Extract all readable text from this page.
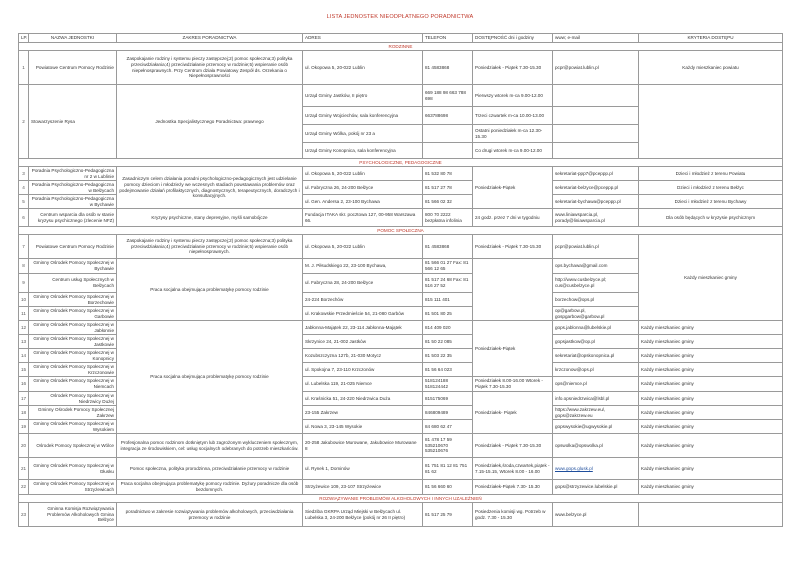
LISTA JEDNOSTEK NIEODPŁATNEGO PORADNICTWA
LP.	NAZWA JEDNOSTKI	ZAKRES PORADNICTWA	ADRES	TELEFON	DOSTĘPNOŚĆ dni i godziny	www; e-mail	KRYTERIA DOSTĘPU
RODZINNE							
1	Powiatowe Centrum Pomocy Rodzinie	Zaspokajanie rodziny i systemu pieczy zastępczej;2) pomoc społeczna;3) polityka przeciwdziałania;4) przeciwdziałanie przemocy w rodzinie;5) wspieranie osób niepełnosprawnych. Przy Centrum działa Powiatowy Zespół ds. Orzekania o Niepełnosprawności	ul. Okopowa 5, 20-022 Lublin	81 4583868	Poniedziałek - Piątek 7.30-15.30	pcpr@powiat.lublin.pl	Każdy mieszkaniec powiatu
2	Stowarzyszenie Rysa	Jednostka Specjalistycznego Poradnictwa: prawnego	Urząd Gminy Jastków, II piętro	669 188 98 663 788 698	Pierwszy wtorek m-ca 9.00-12.00		
			Urząd Gminy Wojciechów, sala konferencyjna	663788698	Trzeci czwartek m-ca 10.00-13.00		
			Urząd Gminy Wólka, pokój nr 23 a		Ostatni poniedziałek m-ca 12.30-15.30		
			Urząd Gminy Konopnica, sala konferencyjna		Co drugi wtorek m-ca 9.00-12.00		
PSYCHOLOGICZNE, PEDAGOGICZNE							
3	Poradnia Psychologiczno-Pedagogiczna nr 2 w Lublinie	Zasadniczym celem działania poradni psychologiczno-pedagogicznych jest udzielanie pomocy dzieciom i młodzieży we wczesnych stadiach powstawania problemów oraz podejmowanie działań profilaktycznych, diagnostycznych, terapeutycznych, doradczych i konsultacyjnych.	ul. Okopowa 5, 20-022 Lublin	81 532 80 78	Poniedziałek-Piątek	sekretariat-ppp7@pceppp.pl	Dzieci i młodzież z terenu Powiatu
4	Poradnia Psychologiczno-Pedagogiczna w Bełżycach		ul. Fabryczna 26, 24-200 Bełżyce	81 517 27 78		sekretariat-belzyce@pceppp.pl	Dzieci i młodzież z terenu Bełżyc
5	Poradnia Psychologiczno-Pedagogiczna w Bychawie		ul. Gen. Andersa 2, 23-100 Bychawa	81 566 02 32		sekretariat-bychawa@pceppp.pl	Dzieci i młodzież z terenu Bychawy
6	Centrum wsparcia dla osób w stanie kryzysu psychicznego (zlecenie NFZ)	Kryzysy psychiczne, stany depresyjne, myśli samobójcze	Fundacja ITAKA skr. pocztowa 127, 00-958 Warszawa 66.	800 70 2222 bezpłatna infolinia	24 godz. przez 7 dni w tygodniu	www.liniawsparcia.pl, porady@liniawsparcia.pl	Dla osób będących w kryzysie psychicznym
POMOC SPOŁECZNA							
7	Powiatowe Centrum Pomocy Rodzinie	Zaspokajanie rodziny i systemu pieczy zastępczej;2) pomoc społeczna;3) polityka przeciwdziałania;4) przeciwdziałanie przemocy w rodzinie;5) wspieranie osób niepełnosprawnych.	ul. Okopowa 5, 20-022 Lublin	81 4583868	Poniedziałek - Piątek 7.30-15.30	pcpr@powiat.lublin.pl	Każdy mieszkaniec gminy
8	Gminny Ośrodek Pomocy Społecznej w Bychawie	Praca socjalna obejmująca problematykę pomocy rodzinie	M. J. Piłsudskiego 22, 23-100 Bychawa,	81 566 01 27 Fax: 81 566 12 65		ops.bychawa@gmail.com	
9	Centrum usług Społecznych w Bełżycach		ul. Fabryczna 28, 24-200 Bełżyce	81 517 24 68 Fax: 81 516 27 52		http://www.cusbelzyce.pl; cus@cusbelzyce.pl	
10	Gminny Ośrodek Pomocy Społecznej w Borzechowie		24-224 Borzechów	815 111 401		borzechow@ops.pl	
11	Gminny Ośrodek Pomocy Społecznej w Garbowie		ul. Krakowskie Przedmieście 54, 21-080 Garbów	81 501 80 25		op@garbow.pl, gospgarbow@garbow.pl	
12	Gminny Ośrodek Pomocy Społecznej w Jabłonnie	Praca socjalna obejmująca problematykę pomocy rodzinie	Jabłonna-Majątek 22, 23-114 Jabłonna-Majątek	814 409 020	Poniedziałek-Piątek	gops.jablonna@lubelskie.pl	Każdy mieszkaniec gminy
13	Gminny Ośrodek Pomocy Społecznej w Jastkowie		Skrzynice 24, 21-002 Jastków	81 50 22 085		gopsjastkow@op.pl	Każdy mieszkaniec gminy
14	Gminny Ośrodek Pomocy Społecznej w Konopnicy		Kozubszczyzna 127b, 21-030 Motycz	81 503 22 35		sekretariat@opskonopnica.pl	Każdy mieszkaniec gminy
15	Gminny Ośrodek Pomocy Społecznej w Krzczonowie		ul. Spokojna 7, 23-110 Krzczonów	81 56 64 023		krzczonow@ops.pl	Każdy mieszkaniec gminy
16	Gminny Ośrodek Pomocy Społecznej w Niemcach		ul. Lubelska 119, 21-025 Niemce	518124188 518124442	Poniedziałek 8.00-16.00 Wtorek - Piątek 7.30-15.30	ops@niemce.pl	Każdy mieszkaniec gminy
17	Ośrodek Pomocy Społecznej w Niedrzwicy Dużej		ul. Kraśnicka 51, 24-220 Niedrzwica Duża	815175069	Poniedziałek- Piątek	info.opsniedrzwica@lsbl.pl	Każdy mieszkaniec gminy
18	Gminny Ośrodek Pomocy Społecznej Zakrzew		23-155 Zakrzew	846809489		https://www.zakrzew.eu/, gops@zakrzew.eu	Każdy mieszkaniec gminy
19	Gminny Ośrodek Pomocy Społecznej w Wysokiem		ul. Nowa 3, 23-145 Wysokie	84 680 62 47		gopswysokie@ugwysokie.pl	Każdy mieszkaniec gminy
20	Ośrodek Pomocy Społecznej w Wólce	Profesjonalna pomoc rodzinom dotkniętym lub zagrożonym wykluczeniem społecznym, integracja ze środowiskiem, cel: usług socjalnych odebranych do potrzeb mieszkańców.	20-258 Jakubowice Murowane, Jakubowice Murowane 8	81 478 17 59 535210670 535210676	Poniedziałek - Piątek 7.30-15.30	opswolka@opswolka.pl	Każdy mieszkaniec gminy
21	Gminny Ośrodek Pomocy Społecznej w Głusku	Pomoc społeczna, polityka prorodzinna, przeciwdziałanie przemocy w rodzinie	ul. Rynek 1, Dominów	81 751 81 12 81 751 81 62	Poniedziałek,środa,czwartek,piątek - 7.15-15.15, Wtorek 8.00 - 16.00	www.gops.glusk.pl	Każdy mieszkaniec gminy
22	Gminny Ośrodek Pomocy Społecznej w Strzyżewicach	Praca socjalna obejmująca problematykę pomocy rodzinie. Dyżury poradnicze dla osób bezdomnych.	Strzyżewice 109, 23-107 Strzyżewice	81 56 660 60	Poniedziałek-Piątek 7.30- 15.30	gops@strzyzewice.lubelskie.pl	Każdy mieszkaniec gminy
ROZWIĄZYWANIE PROBLEMÓW ALKOHOLOWYCH I INNYCH UZALEŻNIEŃ							
23	Gminna Komisja Rozwiązywania Problemów Alkoholowych Gmina Bełżyce	poradnictwo w zakresie rozwiązywania problemów alkoholowych, przeciwdziałania przemocy w rodzinie	Siedziba GKRPA Urząd Miejski w Bełżycach ul. Lubelska 3, 24-200 Bełżyce (pokój nr 26 II piętro)	81 517 25 79	Posiedzenia komisji wg. Potrzeb w godz. 7.30 - 15.30	www.belzyce.pl	
